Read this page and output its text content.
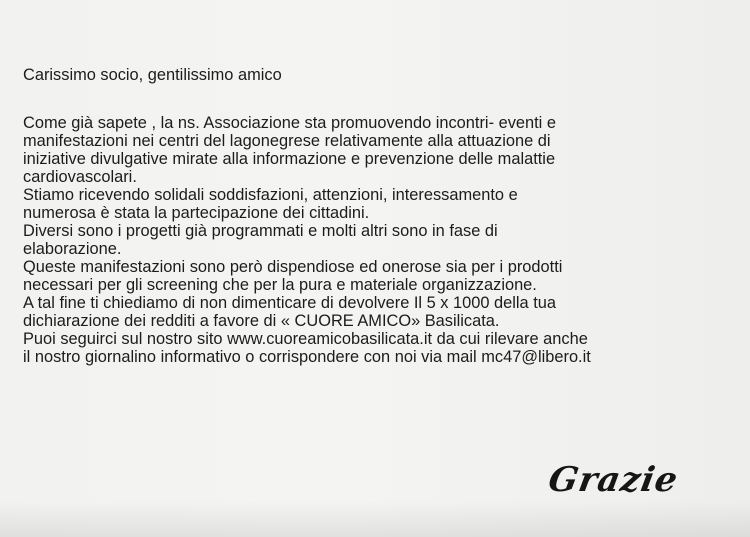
Carissimo socio, gentilissimo amico
Come già sapete , la ns. Associazione sta promuovendo incontri- eventi e
manifestazioni nei centri del lagonegrese relativamente alla attuazione di
iniziative divulgative mirate alla informazione e prevenzione delle malattie
cardiovascolari.
Stiamo ricevendo solidali soddisfazioni, attenzioni, interessamento e
numerosa è stata la partecipazione dei cittadini.
Diversi sono i progetti già programmati e molti altri sono in fase di
elaborazione.
Queste manifestazioni sono però dispendiose ed onerose sia per i prodotti
necessari per gli screening che per la pura e materiale organizzazione.
A tal fine ti chiediamo di non dimenticare di devolvere Il 5 x 1000 della tua
dichiarazione dei redditi a favore di « CUORE AMICO» Basilicata.
Puoi seguirci sul nostro sito www.cuoreamicobasilicata.it da cui rilevare anche
il nostro giornalino informativo o corrispondere con noi via mail mc47@libero.it
Grazie
